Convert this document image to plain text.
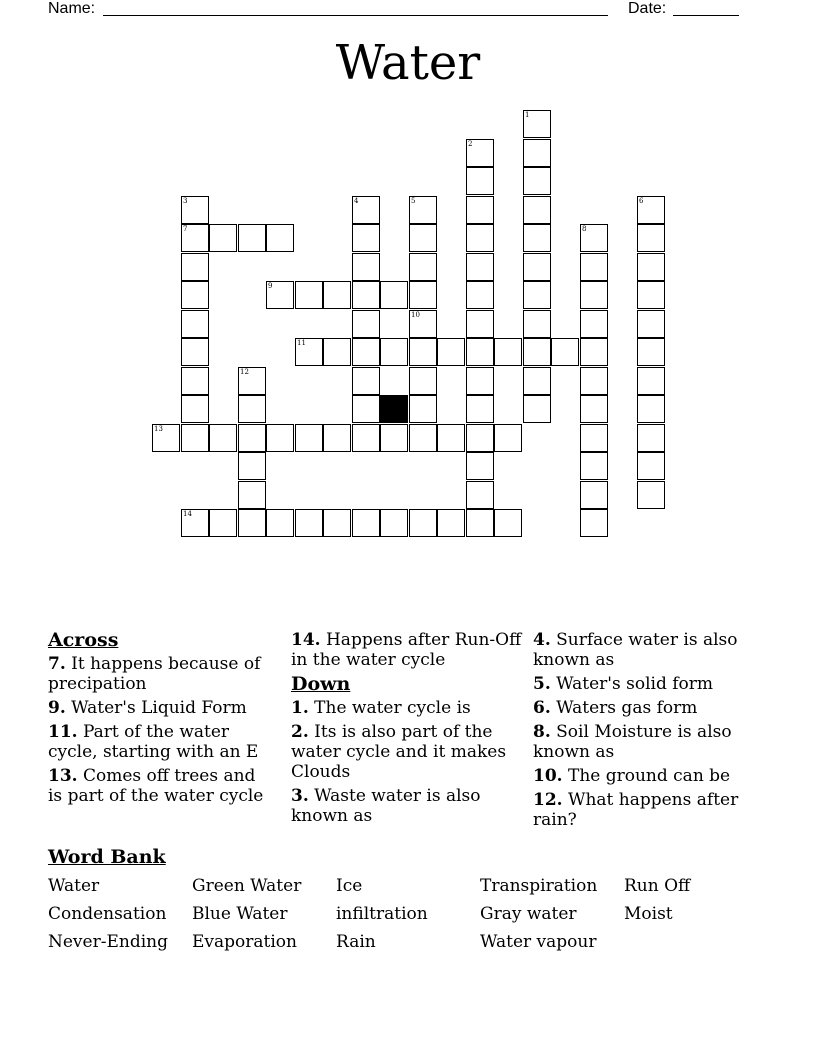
Name:	Date:
Water
1
2
3
7
4	5
10
6
8
9
11
12
13
14
Across
7. It happens because of precipation
9. Water's Liquid Form
11. Part of the water cycle, starting with an E
13. Comes off trees and is part of the water cycle
14. Happens after Run-Off in the water cycle
Down
1. The water cycle is
2. Its is also part of the water cycle and it makes Clouds
3. Waste water is also known as
4. Surface water is also known as
5. Water's solid form
6. Waters gas form
8. Soil Moisture is also known as
10. The ground can be
12. What happens after rain?
Word Bank
Water	Green Water	Ice	Transpiration	Run Off
Condensation	Blue Water	infiltration	Gray water	Moist
Never-Ending	Evaporation	Rain	Water vapour
